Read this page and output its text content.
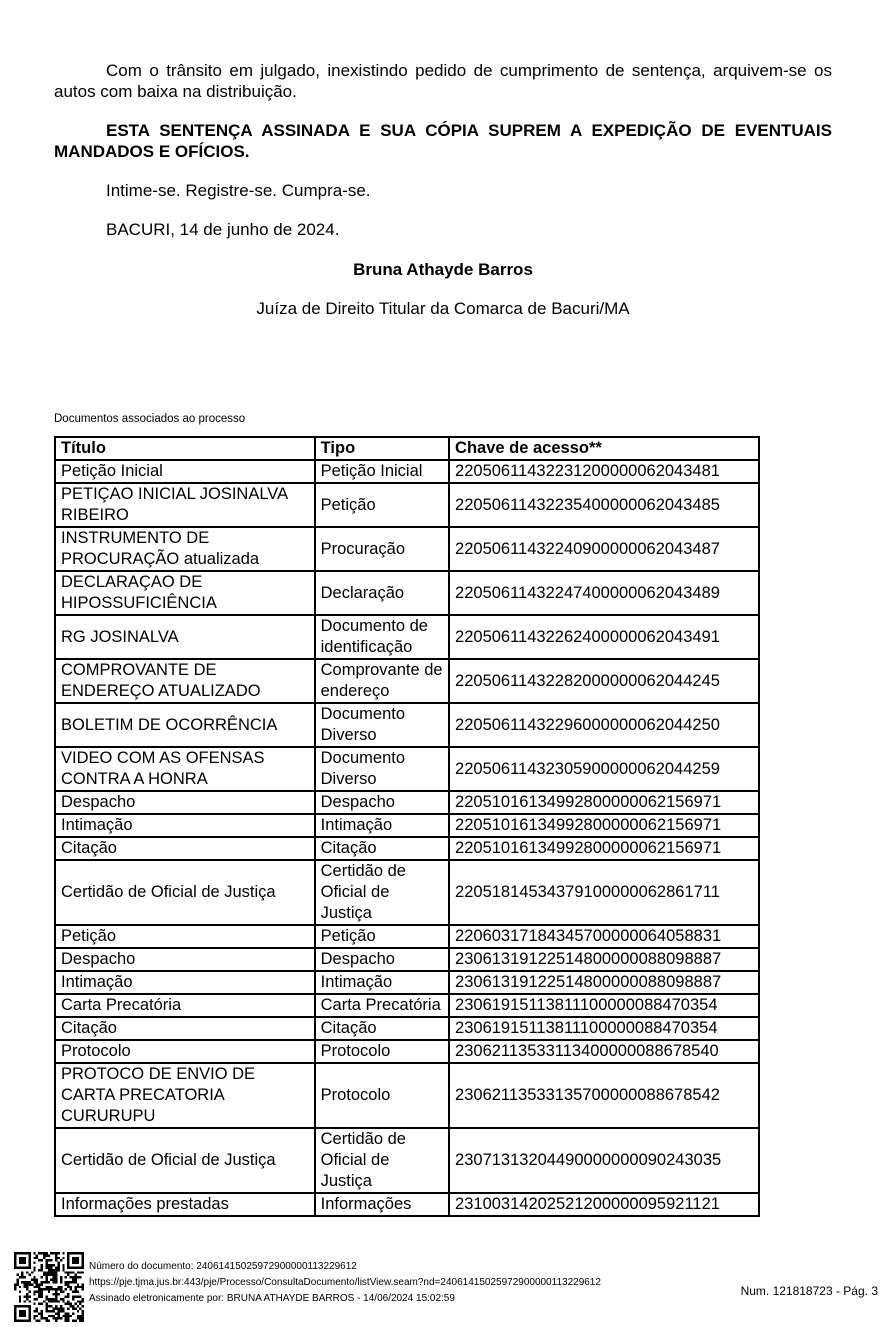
Com o trânsito em julgado, inexistindo pedido de cumprimento de sentença, arquivem-se os autos com baixa na distribuição.
ESTA SENTENÇA ASSINADA E SUA CÓPIA SUPREM A EXPEDIÇÃO DE EVENTUAIS MANDADOS E OFÍCIOS.
Intime-se. Registre-se. Cumpra-se.
BACURI, 14 de junho de 2024.
Bruna Athayde Barros
Juíza de Direito Titular da Comarca de Bacuri/MA
Documentos associados ao processo
Título	Tipo	Chave de acesso**
Petição Inicial	Petição Inicial	22050611432231200000062043481
PETIÇAO INICIAL JOSINALVA RIBEIRO	Petição	22050611432235400000062043485
INSTRUMENTO DE PROCURAÇÃO atualizada	Procuração	22050611432240900000062043487
DECLARAÇAO DE HIPOSSUFICIÊNCIA	Declaração	22050611432247400000062043489
RG JOSINALVA	Documento de identificação	22050611432262400000062043491
COMPROVANTE DE ENDEREÇO ATUALIZADO	Comprovante de endereço	22050611432282000000062044245
BOLETIM DE OCORRÊNCIA	Documento Diverso	22050611432296000000062044250
VIDEO COM AS OFENSAS CONTRA A HONRA	Documento Diverso	22050611432305900000062044259
Despacho	Despacho	22051016134992800000062156971
Intimação	Intimação	22051016134992800000062156971
Citação	Citação	22051016134992800000062156971
Certidão de Oficial de Justiça	Certidão de Oficial de Justiça	22051814534379100000062861711
Petição	Petição	22060317184345700000064058831
Despacho	Despacho	23061319122514800000088098887
Intimação	Intimação	23061319122514800000088098887
Carta Precatória	Carta Precatória	23061915113811100000088470354
Citação	Citação	23061915113811100000088470354
Protocolo	Protocolo	23062113533113400000088678540
PROTOCO DE ENVIO DE CARTA PRECATORIA CURURUPU	Protocolo	23062113533135700000088678542
Certidão de Oficial de Justiça	Certidão de Oficial de Justiça	23071313204490000000090243035
Informações prestadas	Informações	23100314202521200000095921121
Número do documento: 24061415025972900000113229612
https://pje.tjma.jus.br:443/pje/Processo/ConsultaDocumento/listView.seam?nd=24061415025972900000113229612
Assinado eletronicamente por: BRUNA ATHAYDE BARROS - 14/06/2024 15:02:59
Num. 121818723 - Pág. 3
